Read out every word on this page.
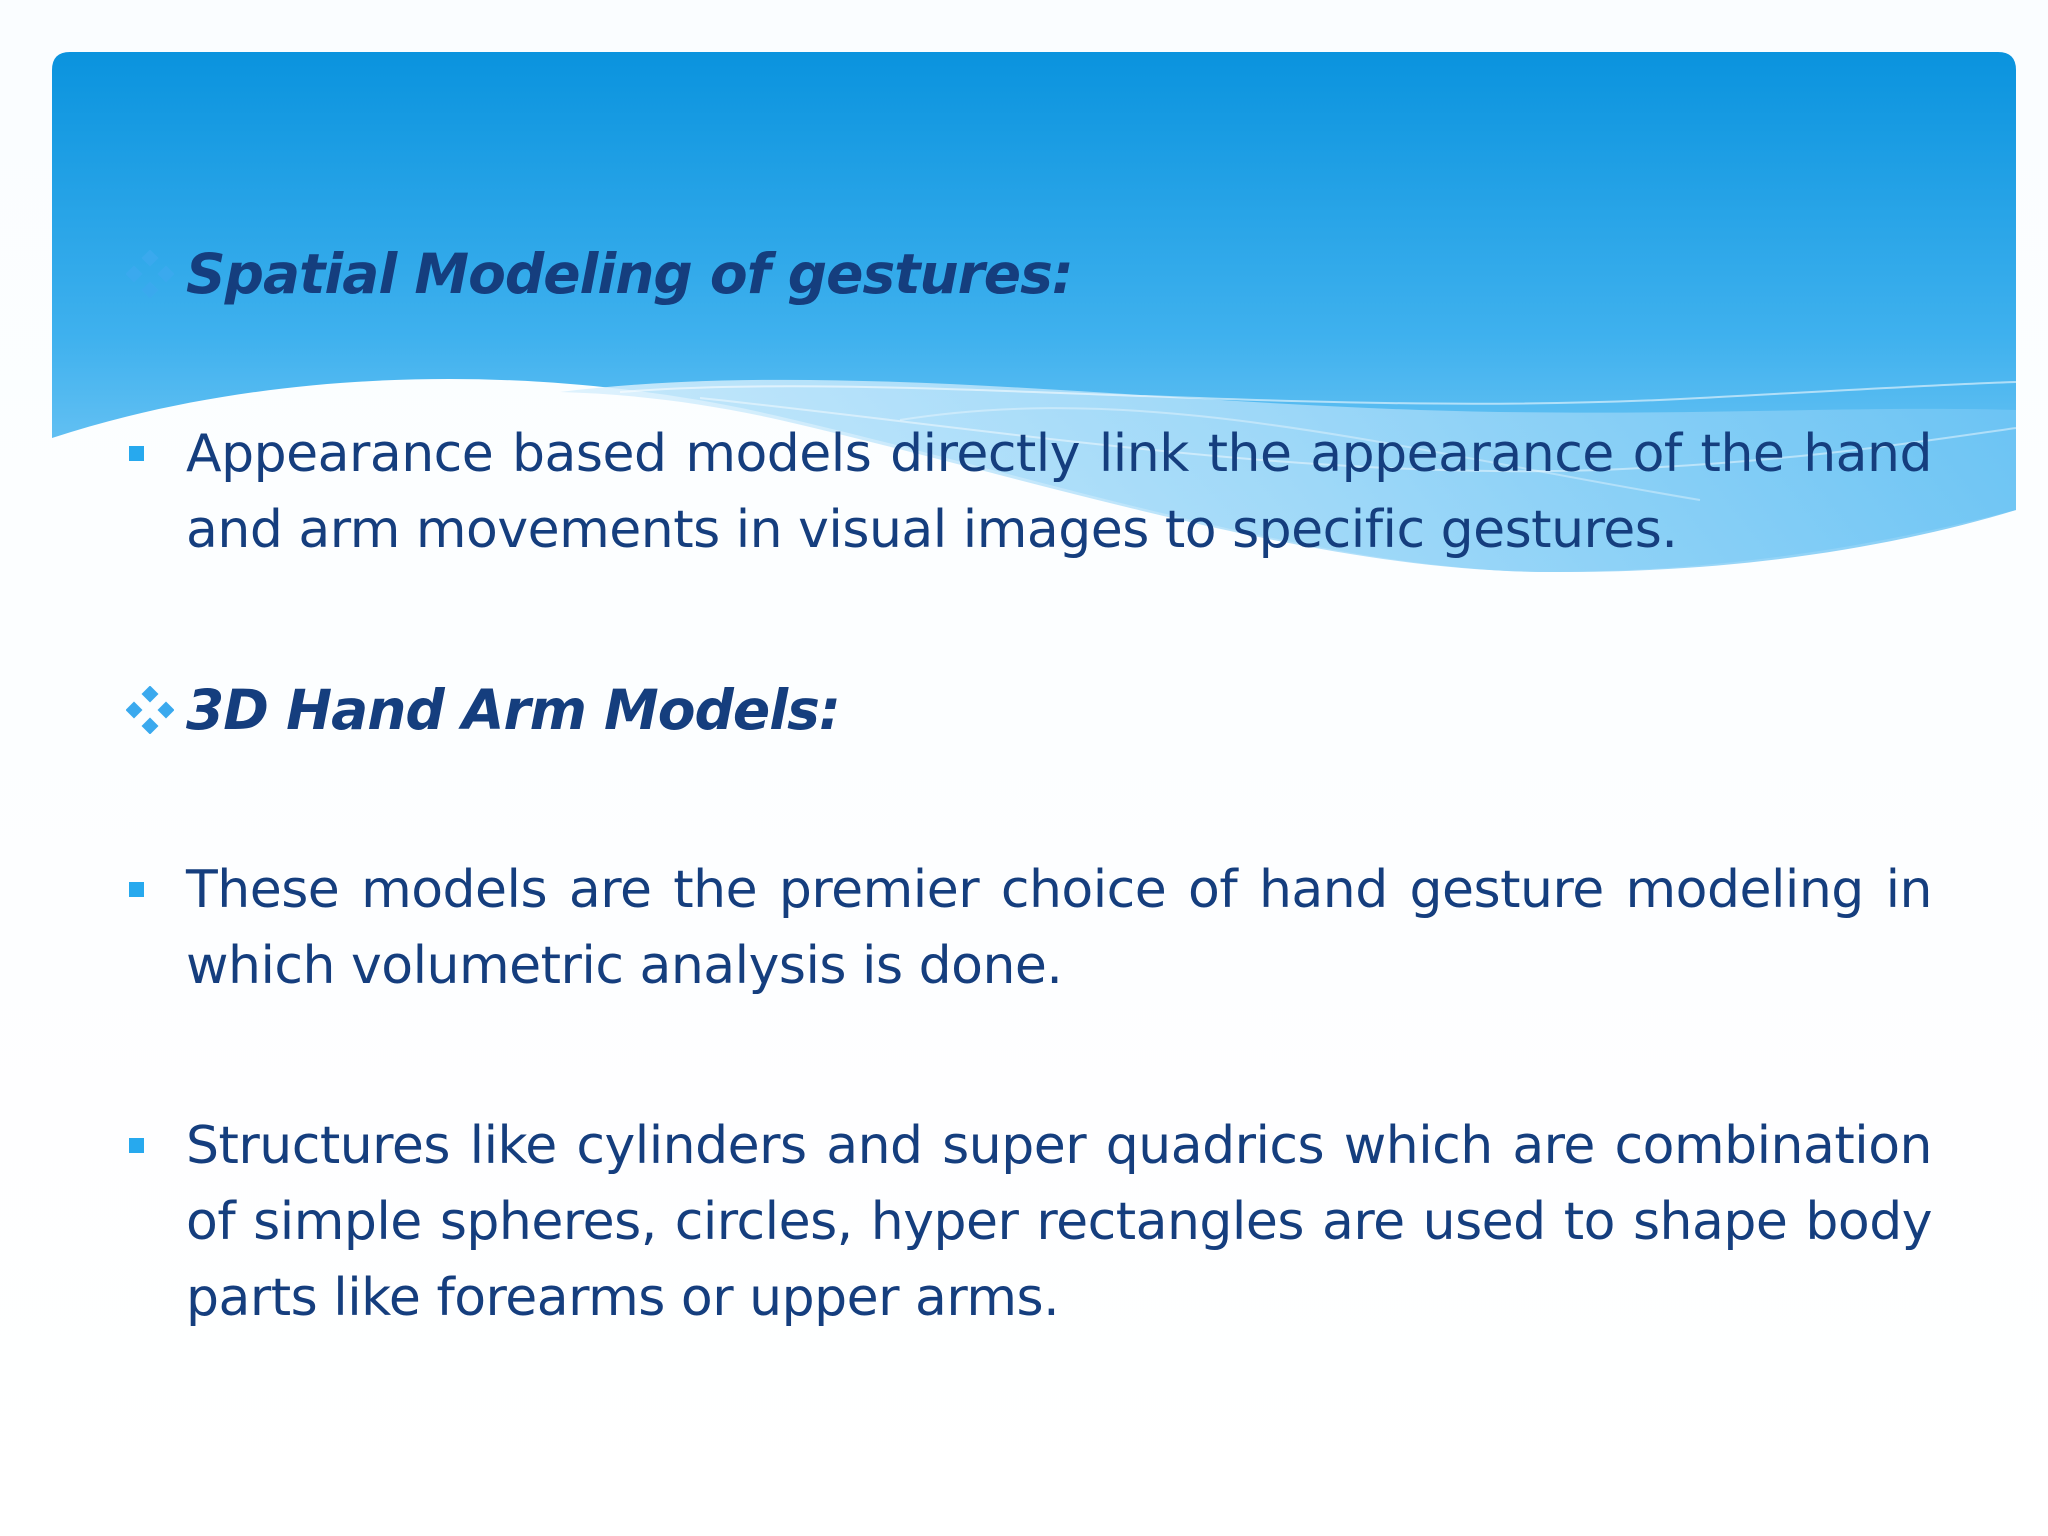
Spatial Modeling of gestures:
Appearance based models directly link the appearance of the hand and arm movements in visual images to specific gestures.
3D Hand Arm Models:
These models are the premier choice of hand gesture modeling in which volumetric analysis is done.
Structures like cylinders and super quadrics which are combination of simple spheres, circles, hyper rectangles are used to shape body parts like forearms or upper arms.
